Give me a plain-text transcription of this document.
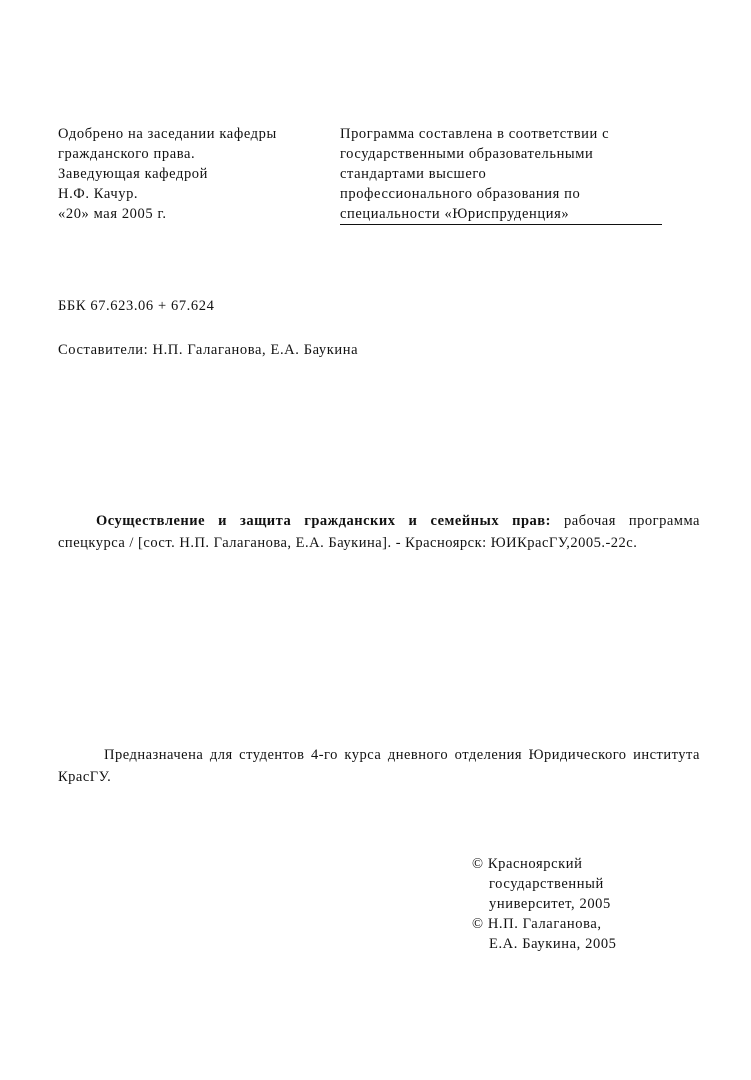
Одобрено на заседании кафедры
гражданского права.
Заведующая кафедрой
Н.Ф. Качур.
«20» мая 2005 г.
Программа составлена в соответствии с
государственными образовательными
стандартами высшего
профессионального образования по
специальности «Юриспруденция»
ББК 67.623.06 + 67.624
Составители: Н.П. Галаганова, Е.А. Баукина

Осуществление и защита гражданских и семейных прав: рабочая программа спецкурса / [сост. Н.П. Галаганова, Е.А. Баукина]. - Красноярск: ЮИКрасГУ,2005.-22с.

Предназначена для студентов 4-го курса дневного отделения Юридического института КрасГУ.

© Красноярский
государственный
университет, 2005
© Н.П. Галаганова,
Е.А. Баукина, 2005
